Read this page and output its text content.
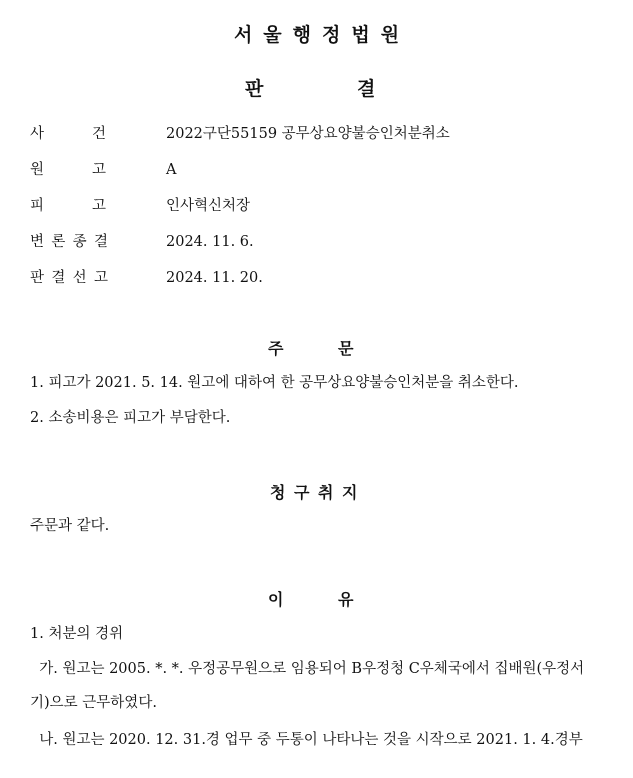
서울행정법원
판	결
사	건	2022구단55159 공무상요양불승인처분취소
원	고	A
피	고	인사혁신처장
변 론 종 결	2024. 11. 6.
판 결 선 고	2024. 11. 20.
주	문

1. 피고가 2021. 5. 14. 원고에 대하여 한 공무상요양불승인처분을 취소한다.

2. 소송비용은 피고가 부담한다.

청 구 취 지

주문과 같다.

이	유

1. 처분의 경위

가. 원고는 2005. *. *. 우정공무원으로 임용되어 B우정청 C우체국에서 집배원(우정서

기)으로 근무하였다.

나. 원고는 2020. 12. 31.경 업무 중 두통이 나타나는 것을 시작으로 2021. 1. 4.경부
